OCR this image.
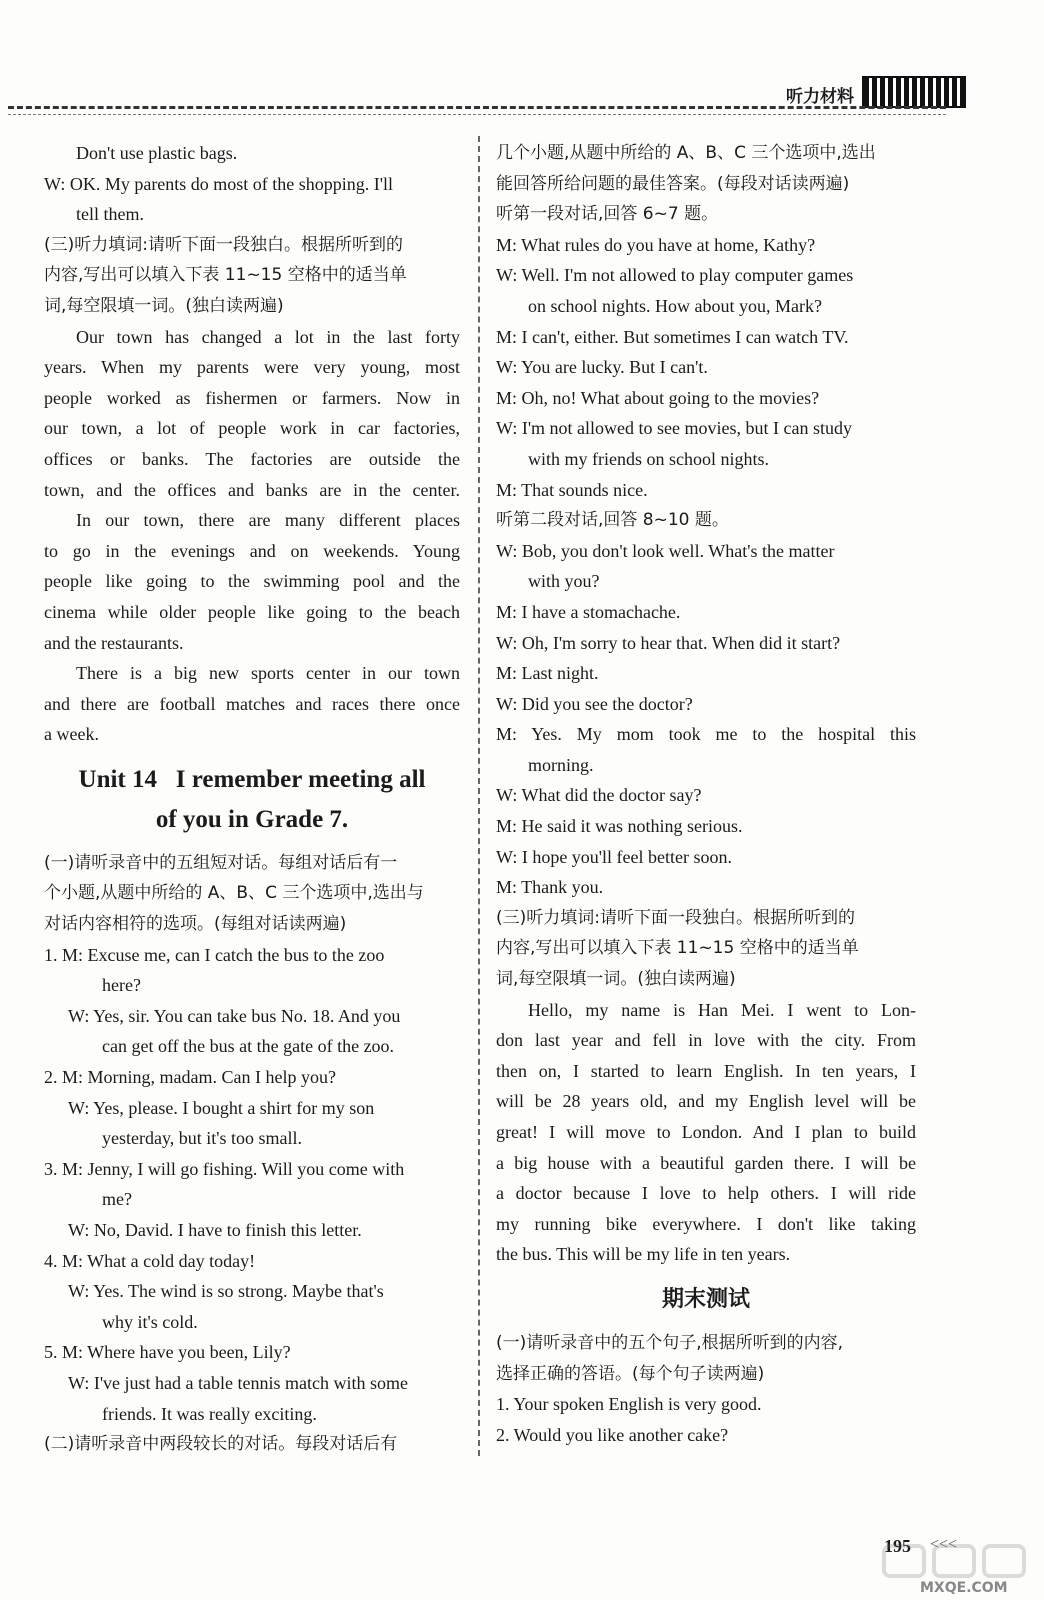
听力材料
Don't use plastic bags.
W: OK. My parents do most of the shopping. I'll
tell them.
(三)听力填词:请听下面一段独白。根据所听到的
内容,写出可以填入下表 11~15 空格中的适当单
词,每空限填一词。(独白读两遍)
Our town has changed a lot in the last forty
years. When my parents were very young, most
people worked as fishermen or farmers. Now in
our town, a lot of people work in car factories,
offices or banks. The factories are outside the
town, and the offices and banks are in the center.
In our town, there are many different places
to go in the evenings and on weekends. Young
people like going to the swimming pool and the
cinema while older people like going to the beach
and the restaurants.
There is a big new sports center in our town
and there are football matches and races there once
a week.
Unit 14   I remember meeting all
of you in Grade 7.
(一)请听录音中的五组短对话。每组对话后有一
个小题,从题中所给的 A、B、C 三个选项中,选出与
对话内容相符的选项。(每组对话读两遍)
1. M: Excuse me, can I catch the bus to the zoo
here?
W: Yes, sir. You can take bus No. 18. And you
can get off the bus at the gate of the zoo.
2. M: Morning, madam. Can I help you?
W: Yes, please. I bought a shirt for my son
yesterday, but it's too small.
3. M: Jenny, I will go fishing. Will you come with
me?
W: No, David. I have to finish this letter.
4. M: What a cold day today!
W: Yes. The wind is so strong. Maybe that's
why it's cold.
5. M: Where have you been, Lily?
W: I've just had a table tennis match with some
friends. It was really exciting.
(二)请听录音中两段较长的对话。每段对话后有
几个小题,从题中所给的 A、B、C 三个选项中,选出
能回答所给问题的最佳答案。(每段对话读两遍)
听第一段对话,回答 6~7 题。
M: What rules do you have at home, Kathy?
W: Well. I'm not allowed to play computer games
on school nights. How about you, Mark?
M: I can't, either. But sometimes I can watch TV.
W: You are lucky. But I can't.
M: Oh, no! What about going to the movies?
W: I'm not allowed to see movies, but I can study
with my friends on school nights.
M: That sounds nice.
听第二段对话,回答 8~10 题。
W: Bob, you don't look well. What's the matter
with you?
M: I have a stomachache.
W: Oh, I'm sorry to hear that. When did it start?
M: Last night.
W: Did you see the doctor?
M: Yes. My mom took me to the hospital this
morning.
W: What did the doctor say?
M: He said it was nothing serious.
W: I hope you'll feel better soon.
M: Thank you.
(三)听力填词:请听下面一段独白。根据所听到的
内容,写出可以填入下表 11~15 空格中的适当单
词,每空限填一词。(独白读两遍)
Hello, my name is Han Mei. I went to Lon-
don last year and fell in love with the city. From
then on, I started to learn English. In ten years, I
will be 28 years old, and my English level will be
great! I will move to London. And I plan to build
a big house with a beautiful garden there. I will be
a doctor because I love to help others. I will ride
my running bike everywhere. I don't like taking
the bus. This will be my life in ten years.
期末测试
(一)请听录音中的五个句子,根据所听到的内容,
选择正确的答语。(每个句子读两遍)
1. Your spoken English is very good.
2. Would you like another cake?
195 <<<
MXQE.COM
